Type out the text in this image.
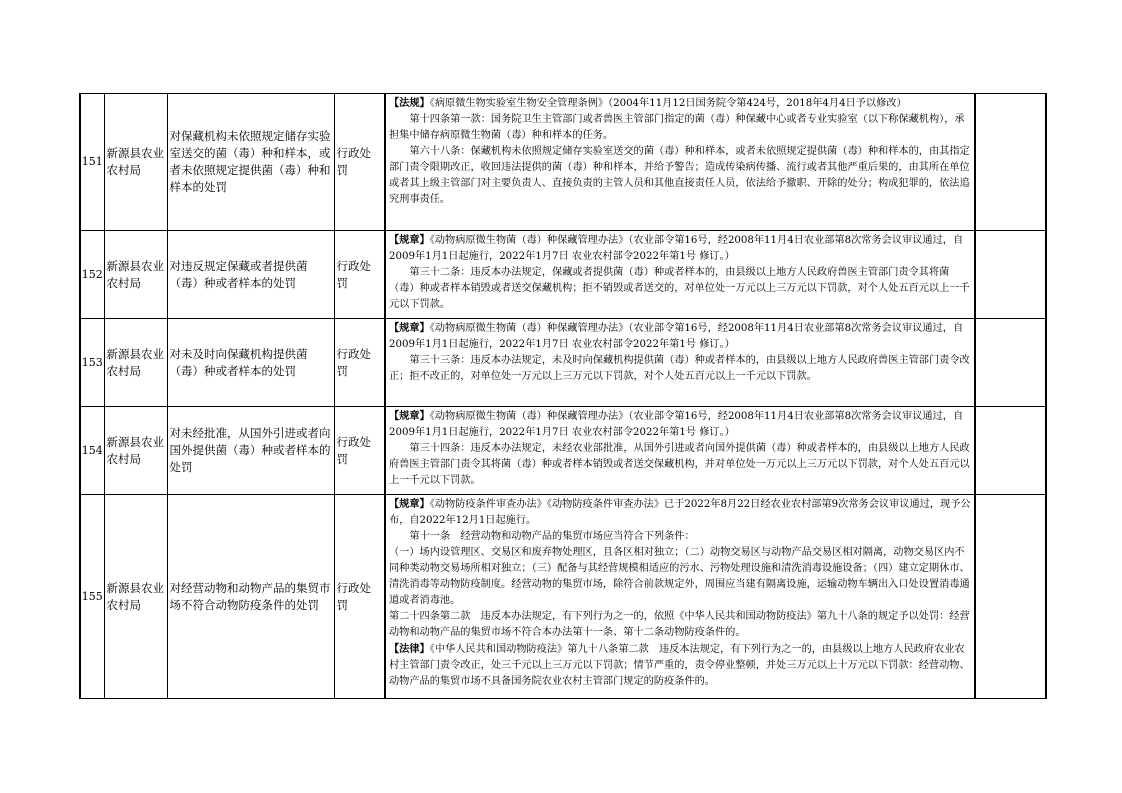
151	新源县农业农村局	对保藏机构未依照规定储存实验室送交的菌（毒）种和样本，或者未依照规定提供菌（毒）种和样本的处罚	行政处罚	【法规】《病原微生物实验室生物安全管理条例》（2004年11月12日国务院令第424号，2018年4月4日予以修改）

第十四条第一款：国务院卫生主管部门或者兽医主管部门指定的菌（毒）种保藏中心或者专业实验室（以下称保藏机构），承担集中储存病原微生物菌（毒）种和样本的任务。

第六十八条：保藏机构未依照规定储存实验室送交的菌（毒）种和样本，或者未依照规定提供菌（毒）种和样本的，由其指定部门责令限期改正，收回违法提供的菌（毒）种和样本，并给予警告；造成传染病传播、流行或者其他严重后果的，由其所在单位或者其上级主管部门对主要负责人、直接负责的主管人员和其他直接责任人员，依法给予撤职、开除的处分；构成犯罪的，依法追究刑事责任。	

152	新源县农业农村局	对违反规定保藏或者提供菌（毒）种或者样本的处罚	行政处罚	【规章】《动物病原微生物菌（毒）种保藏管理办法》（农业部令第16号，经2008年11月4日农业部第8次常务会议审议通过，自2009年1月1日起施行，2022年1月7日 农业农村部令2022年第1号 修订。）

第三十二条：违反本办法规定，保藏或者提供菌（毒）种或者样本的，由县级以上地方人民政府兽医主管部门责令其将菌（毒）种或者样本销毁或者送交保藏机构；拒不销毁或者送交的，对单位处一万元以上三万元以下罚款，对个人处五百元以上一千元以下罚款。	

153	新源县农业农村局	对未及时向保藏机构提供菌（毒）种或者样本的处罚	行政处罚	【规章】《动物病原微生物菌（毒）种保藏管理办法》（农业部令第16号，经2008年11月4日农业部第8次常务会议审议通过，自2009年1月1日起施行，2022年1月7日 农业农村部令2022年第1号 修订。）

第三十三条：违反本办法规定，未及时向保藏机构提供菌（毒）种或者样本的，由县级以上地方人民政府兽医主管部门责令改正；拒不改正的，对单位处一万元以上三万元以下罚款，对个人处五百元以上一千元以下罚款。	

154	新源县农业农村局	对未经批准，从国外引进或者向国外提供菌（毒）种或者样本的处罚	行政处罚	【规章】《动物病原微生物菌（毒）种保藏管理办法》（农业部令第16号，经2008年11月4日农业部第8次常务会议审议通过，自2009年1月1日起施行，2022年1月7日 农业农村部令2022年第1号 修订。）

第三十四条：违反本办法规定，未经农业部批准，从国外引进或者向国外提供菌（毒）种或者样本的，由县级以上地方人民政府兽医主管部门责令其将菌（毒）种或者样本销毁或者送交保藏机构，并对单位处一万元以上三万元以下罚款，对个人处五百元以上一千元以下罚款。	

155	新源县农业农村局	对经营动物和动物产品的集贸市场不符合动物防疫条件的处罚	行政处罚	【规章】《动物防疫条件审查办法》《动物防疫条件审查办法》已于2022年8月22日经农业农村部第9次常务会议审议通过，现予公布，自2022年12月1日起施行。

第十一条　经营动物和动物产品的集贸市场应当符合下列条件：

（一）场内设管理区、交易区和废弃物处理区，且各区相对独立；（二）动物交易区与动物产品交易区相对隔离，动物交易区内不同种类动物交易场所相对独立；（三）配备与其经营规模相适应的污水、污物处理设施和清洗消毒设施设备；（四）建立定期休市、清洗消毒等动物防疫制度。经营动物的集贸市场，除符合前款规定外，周围应当建有隔离设施，运输动物车辆出入口处设置消毒通道或者消毒池。

第二十四条第二款　违反本办法规定，有下列行为之一的，依照《中华人民共和国动物防疫法》第九十八条的规定予以处罚：经营动物和动物产品的集贸市场不符合本办法第十一条、第十二条动物防疫条件的。

【法律】《中华人民共和国动物防疫法》第九十八条第二款　违反本法规定，有下列行为之一的，由县级以上地方人民政府农业农村主管部门责令改正，处三千元以上三万元以下罚款；情节严重的，责令停业整顿，并处三万元以上十万元以下罚款：经营动物、动物产品的集贸市场不具备国务院农业农村主管部门规定的防疫条件的。	
